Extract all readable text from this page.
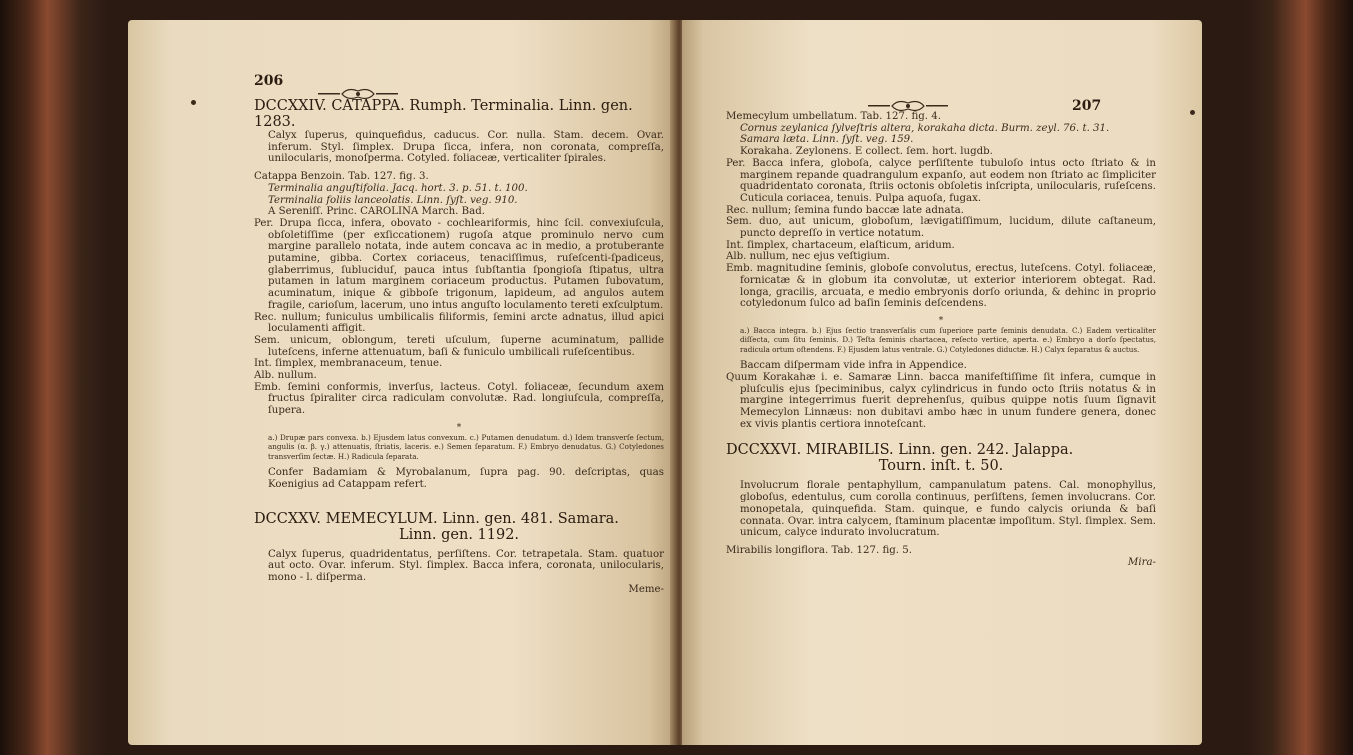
206
DCCXXIV. CATAPPA. Rumph. Terminalia. Linn. gen. 1283.

Calyx ſuperus, quinquefidus, caducus. Cor. nulla. Stam. decem. Ovar. inferum. Styl. ſimplex. Drupa ſicca, infera, non coronata, compreſſa, unilocularis, monoſperma. Cotyled. foliaceæ, verticaliter ſpirales.

Catappa Benzoin. Tab. 127. fig. 3.

Terminalia anguſtifolia. Jacq. hort. 3. p. 51. t. 100.

Terminalia foliis lanceolatis. Linn. ſyſt. veg. 910.

A Sereniſſ. Princ. CAROLINA March. Bad.

Per. Drupa ſicca, infera, obovato - cochleariformis, hinc ſcil. convexiuſcula, obſoletiſſime (per exſiccationem) rugoſa atque prominulo nervo cum margine parallelo notata, inde autem concava ac in medio, a protuberante putamine, gibba. Cortex coriaceus, tenaciſſimus, ruſeſcenti-ſpadiceus, glaberrimus, ſubluciduſ, pauca intus ſubſtantia ſpongioſa ſtipatus, ultra putamen in latum marginem coriaceum productus. Putamen ſubovatum, acuminatum, inique & gibboſe trigonum, lapideum, ad angulos autem fragile, carioſum, lacerum, uno intus anguſto loculamento tereti exſculptum.

Rec. nullum; funiculus umbilicalis filiformis, ſemini arcte adnatus, illud apici loculamenti affigit.

Sem. unicum, oblongum, tereti uſculum, ſuperne acuminatum, pallide luteſcens, inferne attenuatum, baſi & funiculo umbilicali ruſeſcentibus.

Int. ſimplex, membranaceum, tenue.

Alb. nullum.

Emb. ſemini conformis, inverſus, lacteus. Cotyl. foliaceæ, ſecundum axem fructus ſpiraliter circa radiculam convolutæ. Rad. longiuſcula, compreſſa, ſupera.

*

a.) Drupæ pars convexa. b.) Ejusdem latus convexum. c.) Putamen denudatum. d.) Idem transverſe ſectum, angulis (α. β. γ.) attenuatis, ſtriatis, laceris. e.) Semen ſeparatum. F.) Embryo denudatus. G.) Cotyledones transverſim ſectæ. H.) Radicula ſeparata.

Confer Badamiam & Myrobalanum, ſupra pag. 90. deſcriptas, quas Koenigius ad Catappam refert.

DCCXXV. MEMECYLUM. Linn. gen. 481. Samara.
Linn. gen. 1192.

Calyx ſuperus, quadridentatus, perſiſtens. Cor. tetrapetala. Stam. quatuor aut octo. Ovar. inferum. Styl. ſimplex. Bacca infera, coronata, unilocularis, mono - l. diſperma.

Meme-

207

Memecylum umbellatum. Tab. 127. fig. 4.

Cornus zeylanica ſylveſtris altera, korakaha dicta. Burm. zeyl. 76. t. 31.

Samara læta. Linn. ſyſt. veg. 159.

Korakaha. Zeylonens. E collect. ſem. hort. lugdb.

Per. Bacca infera, globoſa, calyce perſiſtente tubuloſo intus octo ſtriato & in marginem repande quadrangulum expanſo, aut eodem non ſtriato ac ſimpliciter quadridentato coronata, ſtriis octonis obſoletis inſcripta, unilocularis, ruſeſcens. Cuticula coriacea, tenuis. Pulpa aquoſa, fugax.

Rec. nullum; ſemina fundo baccæ late adnata.

Sem. duo, aut unicum, globoſum, lævigatiſſimum, lucidum, dilute caſtaneum, puncto depreſſo in vertice notatum.

Int. ſimplex, chartaceum, elaſticum, aridum.

Alb. nullum, nec ejus veſtigium.

Emb. magnitudine ſeminis, globoſe convolutus, erectus, luteſcens. Cotyl. foliaceæ, fornicatæ & in globum ita convolutæ, ut exterior interiorem obtegat. Rad. longa, gracilis, arcuata, e medio embryonis dorſo oriunda, & dehinc in proprio cotyledonum ſulco ad baſin ſeminis deſcendens.

*

a.) Bacca integra. b.) Ejus ſectio transverſalis cum ſuperiore parte ſeminis denudata. C.) Eadem verticaliter diſſecta, cum ſitu ſeminis. D.) Teſta ſeminis chartacea, reſecto vertice, aperta. e.) Embryo a dorſo ſpectatus, radicula ortum oſtendens. F.) Ejusdem latus ventrale. G.) Cotyledones diductæ. H.) Calyx ſeparatus & auctus.

Baccam diſpermam vide infra in Appendice.

Quum Korakahæ i. e. Samaræ Linn. bacca manifeſtiſſime ſit infera, cumque in pluſculis ejus ſpeciminibus, calyx cylindricus in fundo octo ſtriis notatus & in margine integerrimus fuerit deprehenſus, quibus quippe notis ſuum ſignavit Memecylon Linnæus: non dubitavi ambo hæc in unum fundere genera, donec ex vivis plantis certiora innoteſcant.

DCCXXVI. MIRABILIS. Linn. gen. 242. Jalappa.
Tourn. inſt. t. 50.

Involucrum florale pentaphyllum, campanulatum patens. Cal. monophyllus, globoſus, edentulus, cum corolla continuus, perſiſtens, ſemen involucrans. Cor. monopetala, quinquefida. Stam. quinque, e fundo calycis oriunda & baſi connata. Ovar. intra calycem, ſtaminum placentæ impoſitum. Styl. ſimplex. Sem. unicum, calyce indurato involucratum.

Mirabilis longiflora. Tab. 127. fig. 5.

Mira-
